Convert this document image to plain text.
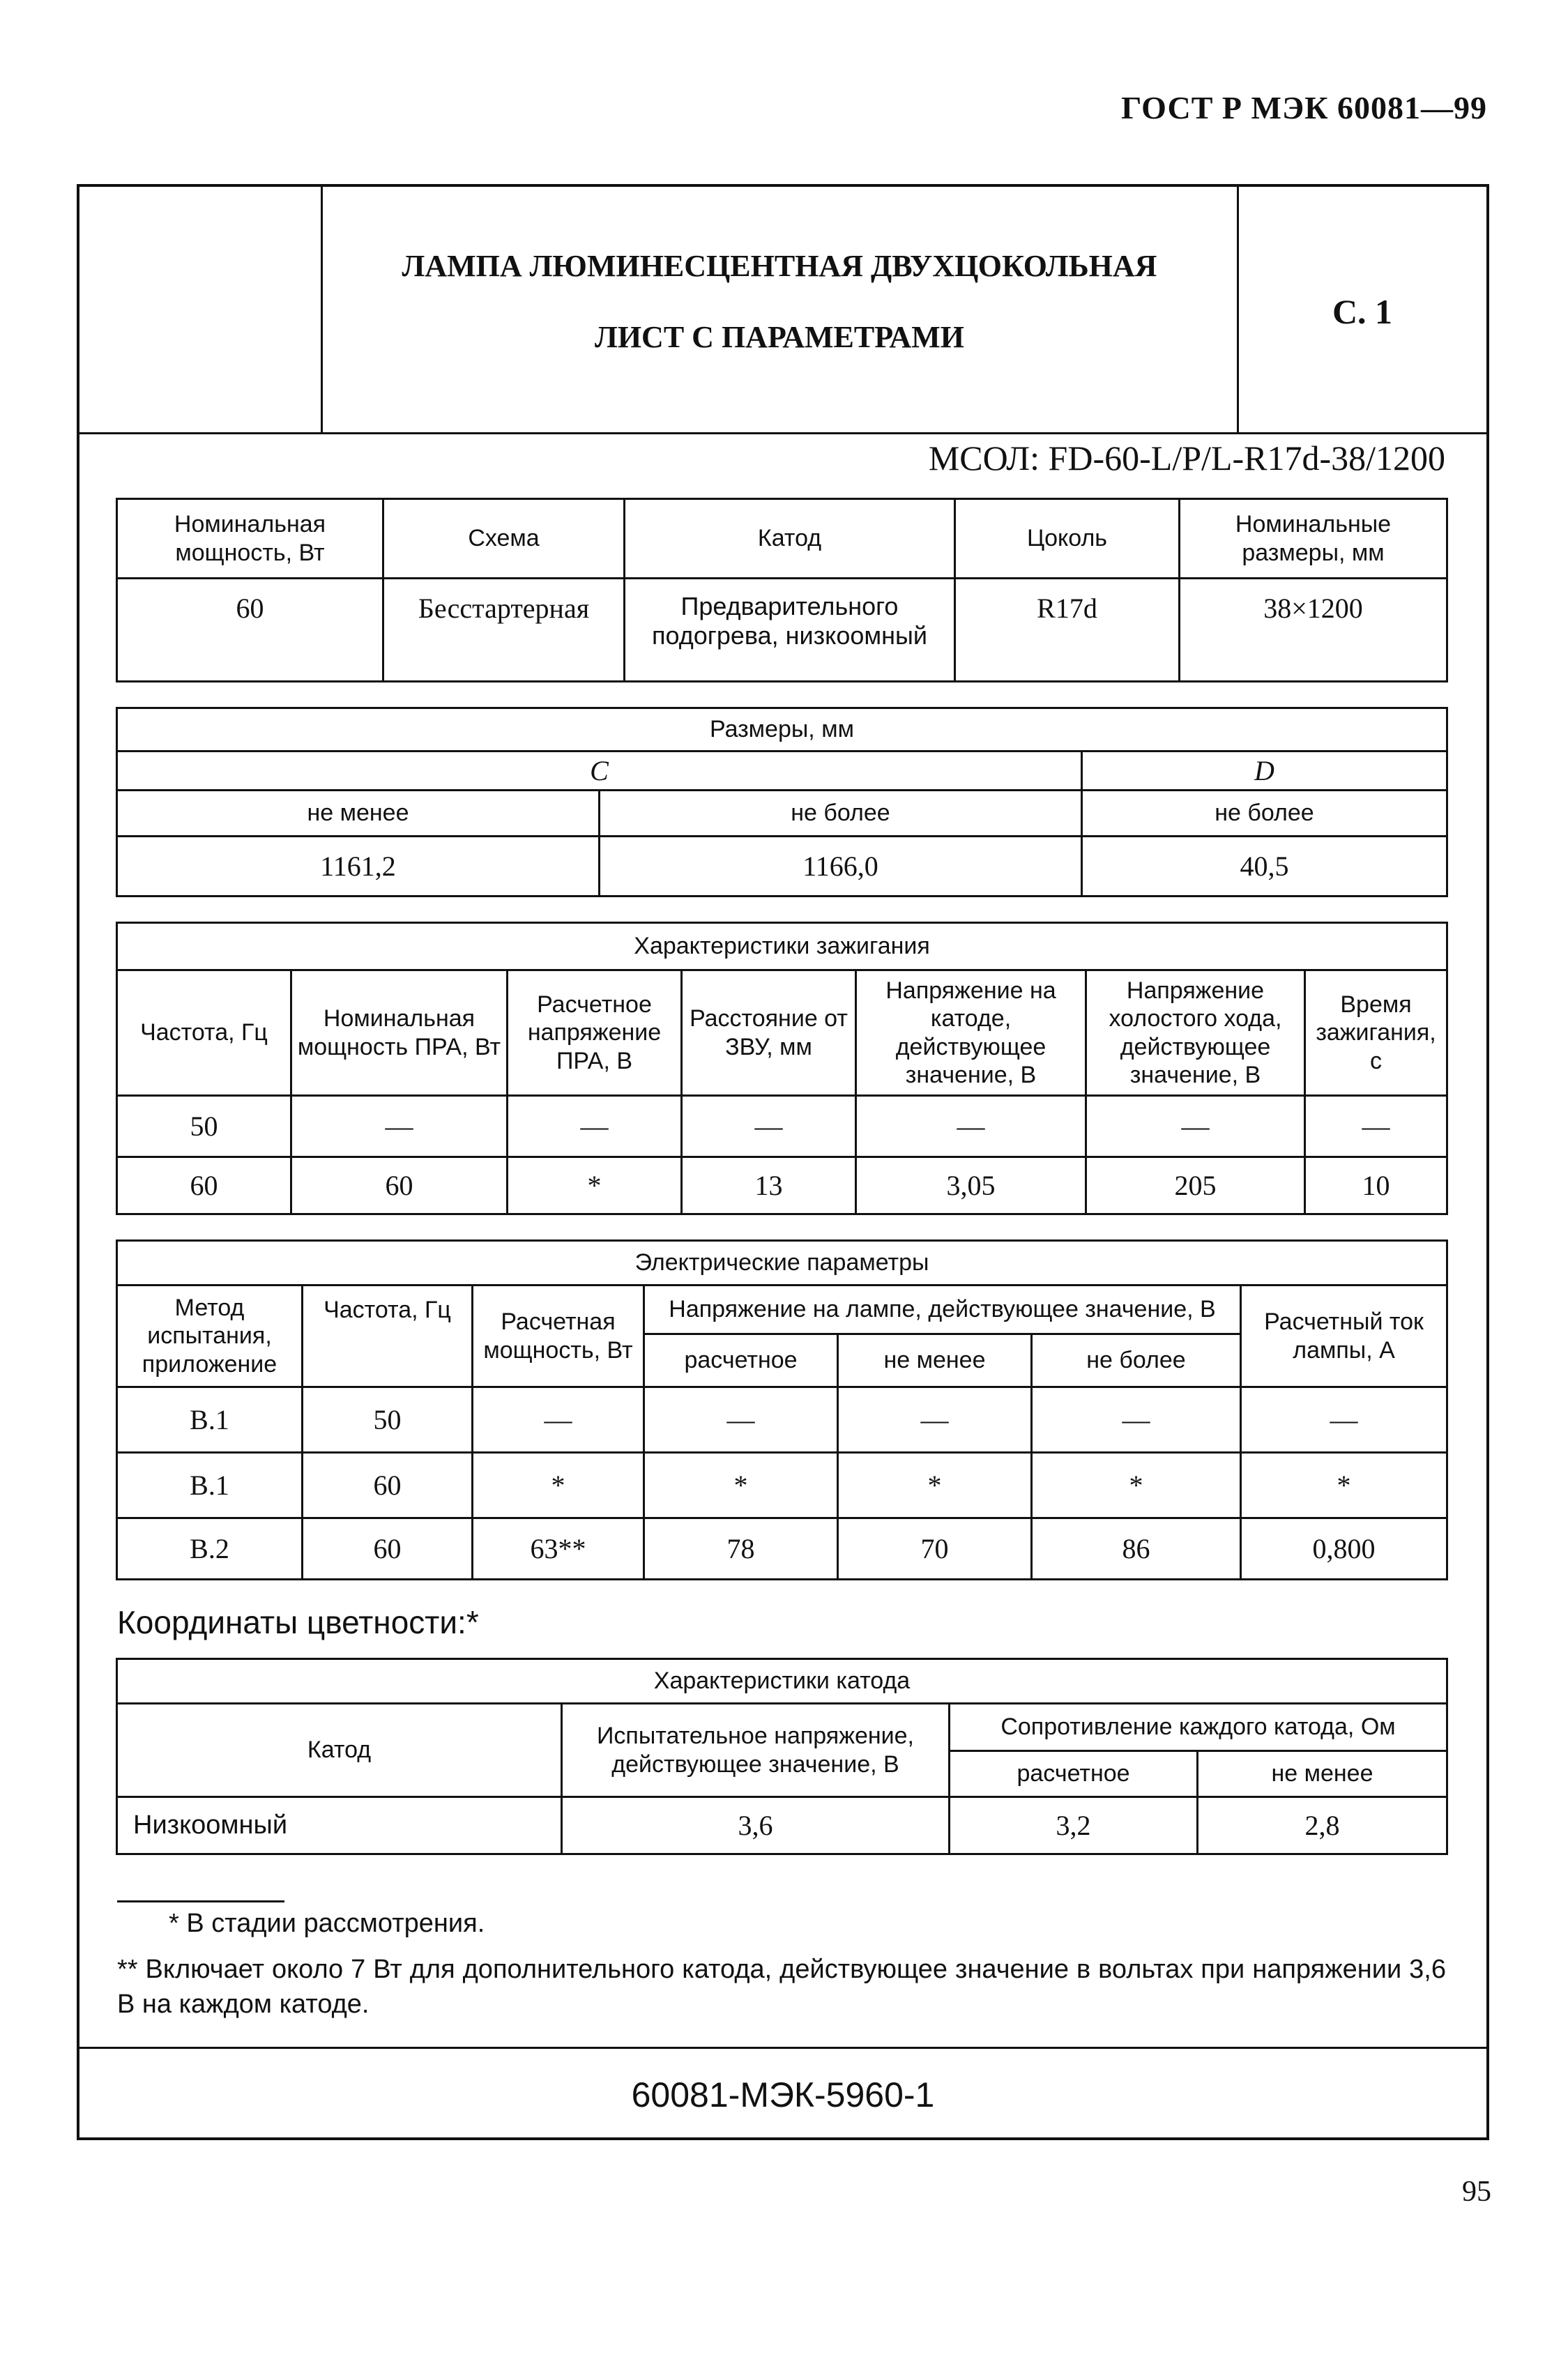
ГОСТ Р МЭК 60081—99
ЛАМПА ЛЮМИНЕСЦЕНТНАЯ ДВУХЦОКОЛЬНАЯ
ЛИСТ С ПАРАМЕТРАМИ
С. 1
МСОЛ: FD-60-L/P/L-R17d-38/1200
Номинальная мощность, Вт	Схема	Катод	Цоколь	Номинальные размеры, мм
60	Бесстартерная	Предварительного подогрева, низкоомный	R17d	38×1200
Размеры, мм		
C		D
не менее	не более	не более
1161,2	1166,0	40,5
Характеристики зажигания						
Частота, Гц	Номинальная мощность ПРА, Вт	Расчетное напряжение ПРА, В	Расстояние от ЗВУ, мм	Напряжение на катоде, действующее значение, В	Напряжение холостого хода, действующее значение, В	Время зажигания, с
50	—	—	—	—	—	—
60	60	*	13	3,05	205	10
Электрические параметры						
Метод испытания, приложение	Частота, Гц	Расчетная мощность, Вт	Напряжение на лампе, действующее значение, В			Расчетный ток лампы, А
			расчетное	не менее	не более	
В.1	50	—	—	—	—	—
В.1	60	*	*	*	*	*
В.2	60	63**	78	70	86	0,800
Координаты цветности:*
Характеристики катода			
Катод	Испытательное напряжение, действующее значение, В	Сопротивление каждого катода, Ом	
		расчетное	не менее
Низкоомный	3,6	3,2	2,8
* В стадии рассмотрения.
** Включает около 7 Вт для дополнительного катода, действующее значение в вольтах при напряжении 3,6 В на каждом катоде.
60081-МЭК-5960-1
95
